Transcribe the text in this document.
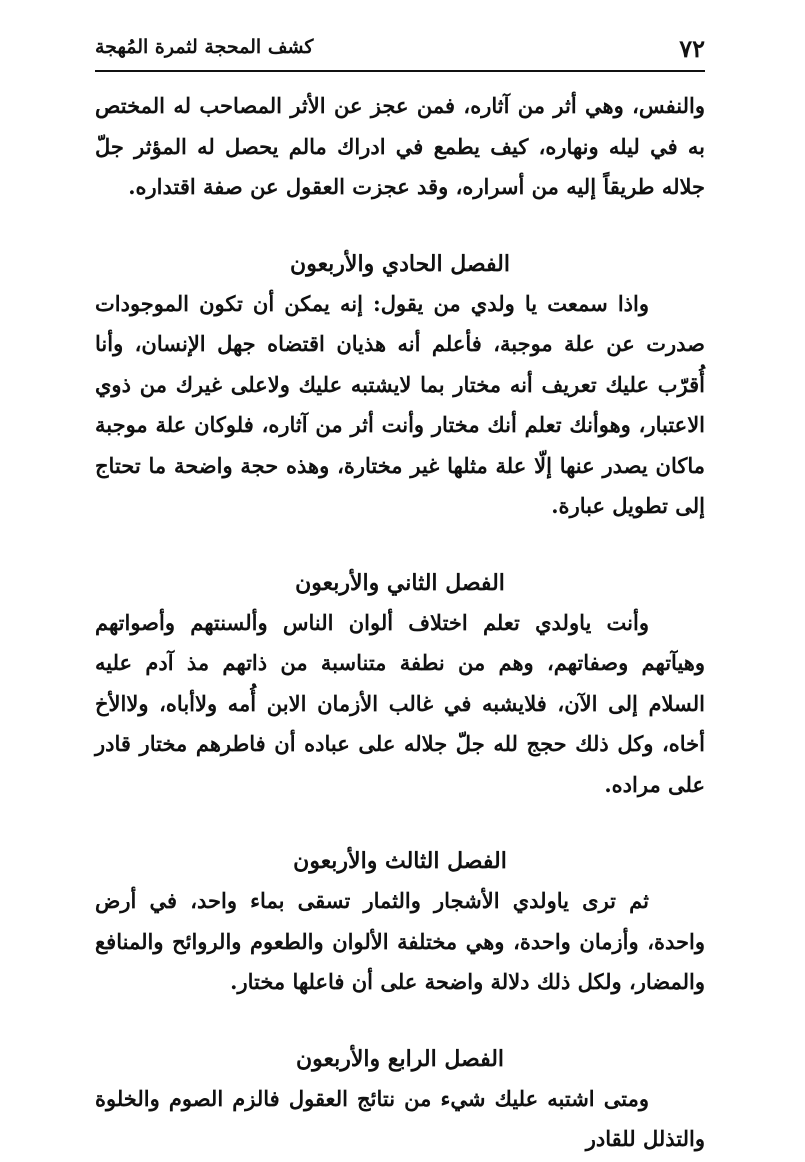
٧٢
كشف المحجة لثمرة المُهجة

والنفس، وهي أثر من آثاره، فمن عجز عن الأثر المصاحب له المختص به في ليله ونهاره، كيف يطمع في ادراك مالم يحصل له المؤثر جلّ جلاله طريقاً إليه من أسراره، وقد عجزت العقول عن صفة اقتداره.

الفصل الحادي والأربعون

واذا سمعت يا ولدي من يقول: إنه يمكن أن تكون الموجودات صدرت عن علة موجبة، فأعلم أنه هذيان اقتضاه جهل الإنسان، وأنا أُقرّب عليك تعريف أنه مختار بما لايشتبه عليك ولاعلى غيرك من ذوي الاعتبار، وهوأنك تعلم أنك مختار وأنت أثر من آثاره، فلوكان علة موجبة ماكان يصدر عنها إلّا علة مثلها غير مختارة، وهذه حجة واضحة ما تحتاج إلى تطويل عبارة.

الفصل الثاني والأربعون

وأنت ياولدي تعلم اختلاف ألوان الناس وألسنتهم وأصواتهم وهيآتهم وصفاتهم، وهم من نطفة متناسبة من ذاتهم مذ آدم عليه السلام إلى الآن، فلايشبه في غالب الأزمان الابن أُمه ولاأباه، ولاالأخ أخاه، وكل ذلك حجج لله جلّ جلاله على عباده أن فاطرهم مختار قادر على مراده.

الفصل الثالث والأربعون

ثم ترى ياولدي الأشجار والثمار تسقى بماء واحد، في أرض واحدة، وأزمان واحدة، وهي مختلفة الألوان والطعوم والروائح والمنافع والمضار، ولكل ذلك دلالة واضحة على أن فاعلها مختار.

الفصل الرابع والأربعون

ومتى اشتبه عليك شيء من نتائج العقول فالزم الصوم والخلوة والتذلل للقادر
